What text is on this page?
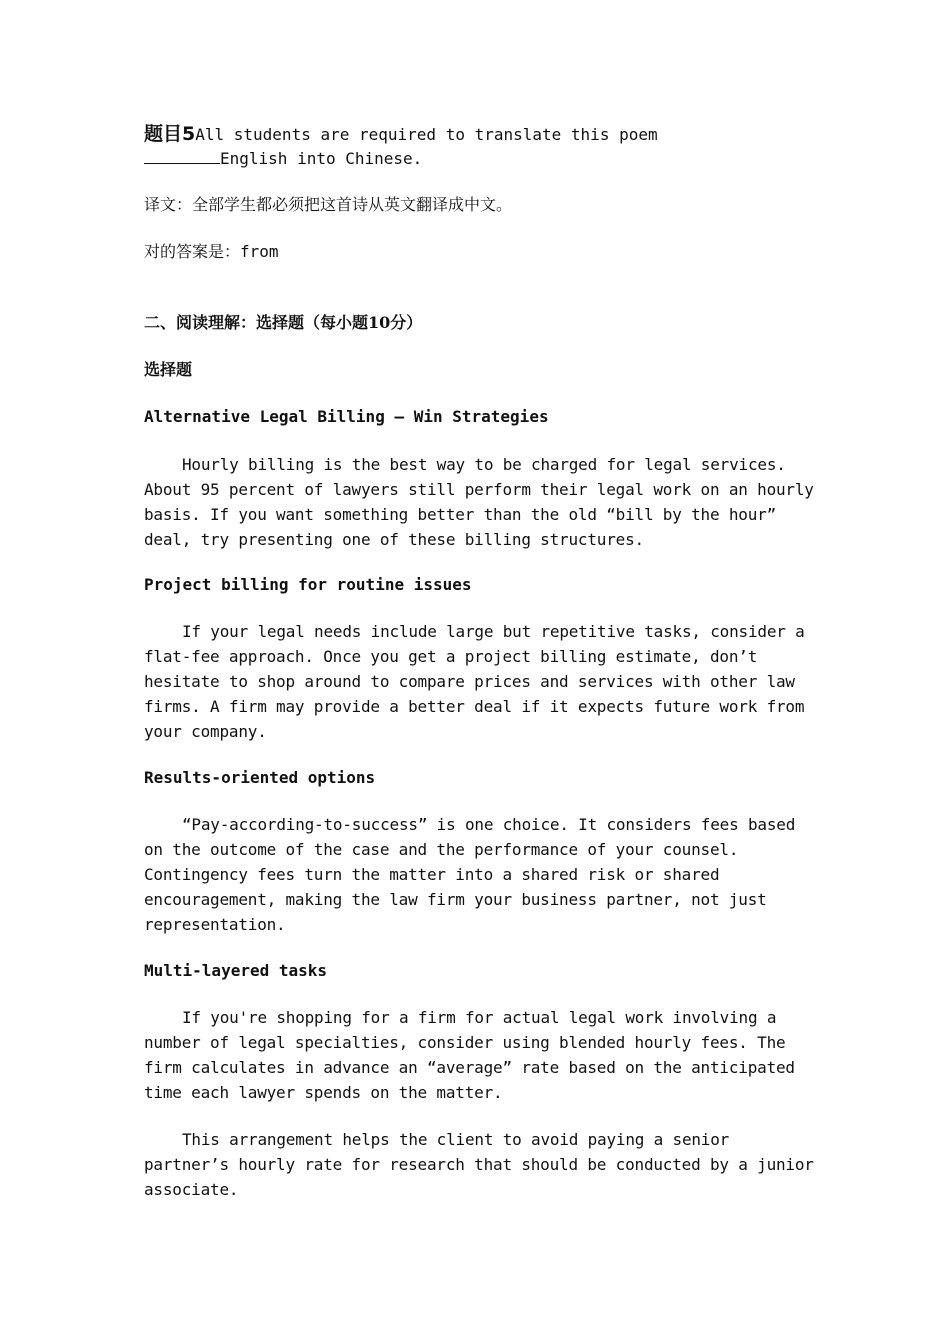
题目5All students are required to translate this poem

English into Chinese.

译文：全部学生都必须把这首诗从英文翻译成中文。

对的答案是：from

二、阅读理解：选择题（每小题10分）

选择题

Alternative Legal Billing – Win Strategies

Hourly billing is the best way to be charged for legal services. About 95 percent of lawyers still perform their legal work on an hourly basis. If you want something better than the old “bill by the hour” deal, try presenting one of these billing structures.

Project billing for routine issues

If your legal needs include large but repetitive tasks, consider a flat-fee approach. Once you get a project billing estimate, don’t hesitate to shop around to compare prices and services with other law firms. A firm may provide a better deal if it expects future work from your company.

Results-oriented options

“Pay-according-to-success” is one choice. It considers fees based on the outcome of the case and the performance of your counsel. Contingency fees turn the matter into a shared risk or shared encouragement, making the law firm your business partner, not just representation.

Multi-layered tasks

If you're shopping for a firm for actual legal work involving a number of legal specialties, consider using blended hourly fees. The firm calculates in advance an “average” rate based on the anticipated time each lawyer spends on the matter.

This arrangement helps the client to avoid paying a senior partner’s hourly rate for research that should be conducted by a junior associate.
